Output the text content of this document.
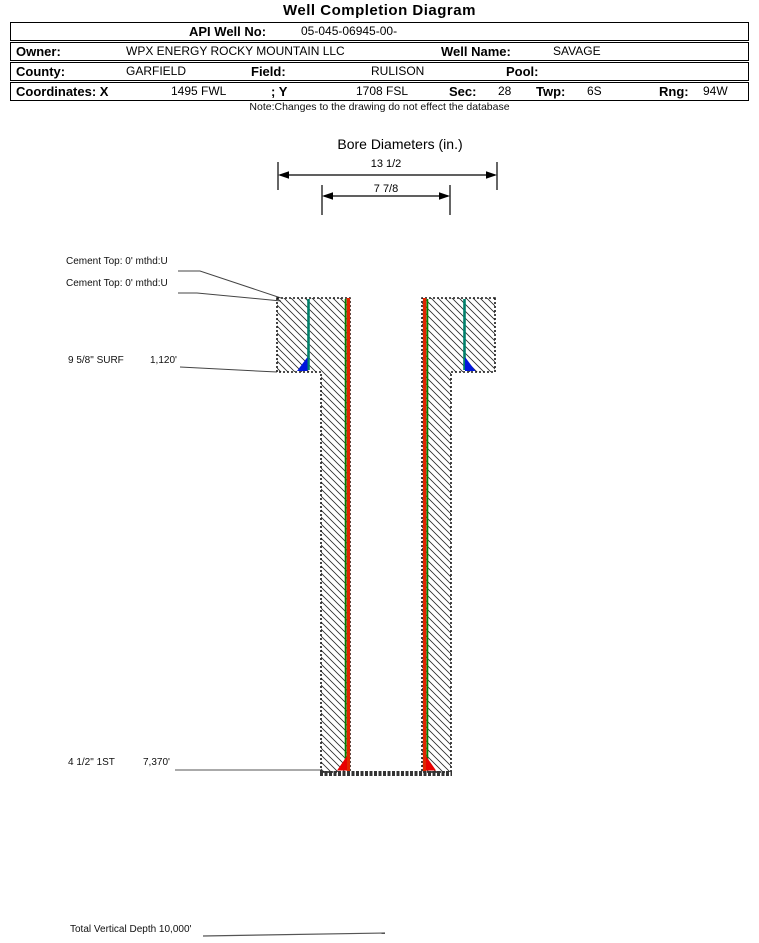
Well Completion Diagram
API Well No:	05-045-06945-00-
Owner:	WPX ENERGY ROCKY MOUNTAIN LLC	Well Name:	SAVAGE
County:	GARFIELD	Field:	RULISON	Pool:
Coordinates: X	1495 FWL	; Y	1708 FSL	Sec: 28 Twp: 6S	Rng: 94W
Note:Changes to the drawing do not effect the database
Bore Diameters (in.)
13 1/2
7 7/8
Cement Top: 0' mthd:U
Cement Top: 0' mthd:U
9 5/8" SURF	1,120'
4 1/2" 1ST	7,370'
Total Vertical Depth 10,000'
